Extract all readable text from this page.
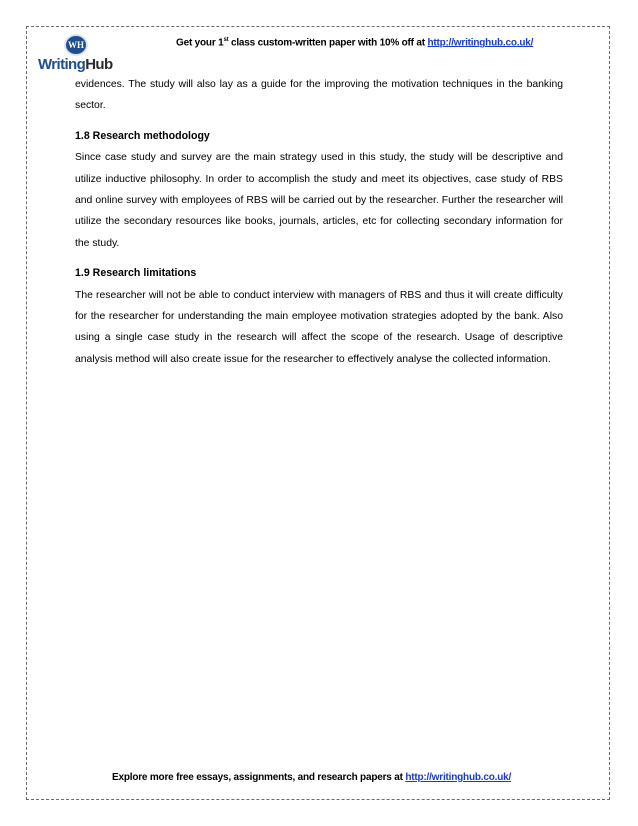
WH
WritingHub
Get your 1st class custom-written paper with 10% off at http://writinghub.co.uk/

evidences. The study will also lay as a guide for the improving the motivation techniques in the banking sector.

1.8 Research methodology

Since case study and survey are the main strategy used in this study, the study will be descriptive and utilize inductive philosophy. In order to accomplish the study and meet its objectives, case study of RBS and online survey with employees of RBS will be carried out by the researcher. Further the researcher will utilize the secondary resources like books, journals, articles, etc for collecting secondary information for the study.

1.9 Research limitations

The researcher will not be able to conduct interview with managers of RBS and thus it will create difficulty for the researcher for understanding the main employee motivation strategies adopted by the bank. Also using a single case study in the research will affect the scope of the research. Usage of descriptive analysis method will also create issue for the researcher to effectively analyse the collected information.

Explore more free essays, assignments, and research papers at http://writinghub.co.uk/
